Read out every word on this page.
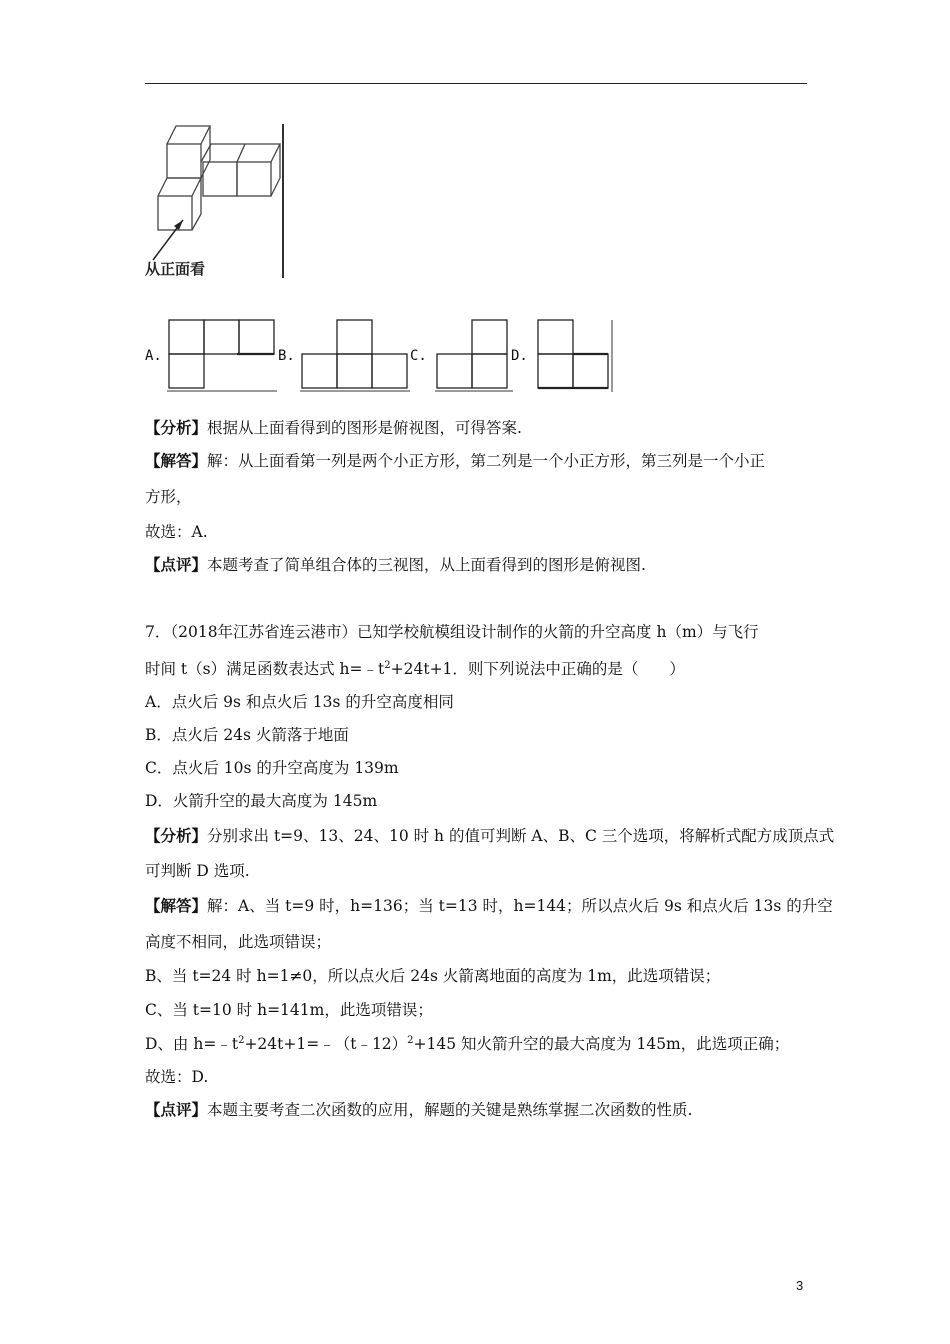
从正面看
A.	B.	C.	D.
【分析】根据从上面看得到的图形是俯视图，可得答案.
【解答】解：从上面看第一列是两个小正方形，第二列是一个小正方形，第三列是一个小正
方形，
故选：A.
【点评】本题考查了简单组合体的三视图，从上面看得到的图形是俯视图.
7．（2018年江苏省连云港市）已知学校航模组设计制作的火箭的升空高度 h（m）与飞行
时间 t（s）满足函数表达式 $h=﹣t^2+24t+1$．则下列说法中正确的是（　　）
A．点火后 9s 和点火后 13s 的升空高度相同
B．点火后 24s 火箭落于地面
C．点火后 10s 的升空高度为 139m
D．火箭升空的最大高度为 145m
【分析】分别求出 t=9、13、24、10 时 h 的值可判断 A、B、C 三个选项，将解析式配方成顶点式
可判断 D 选项.
【解答】解：A、当 t=9 时，h=136；当 t=13 时，h=144；所以点火后 9s 和点火后 13s 的升空
高度不相同，此选项错误；
B、当 t=24 时 h=1≠0，所以点火后 24s 火箭离地面的高度为 1m，此选项错误；
C、当 t=10 时 h=141m，此选项错误；
D、由 $h=﹣t^2+24t+1=﹣(t﹣12)^2+145$ 知火箭升空的最大高度为 145m，此选项正确；
故选：D.
【点评】本题主要考查二次函数的应用，解题的关键是熟练掌握二次函数的性质.
3
